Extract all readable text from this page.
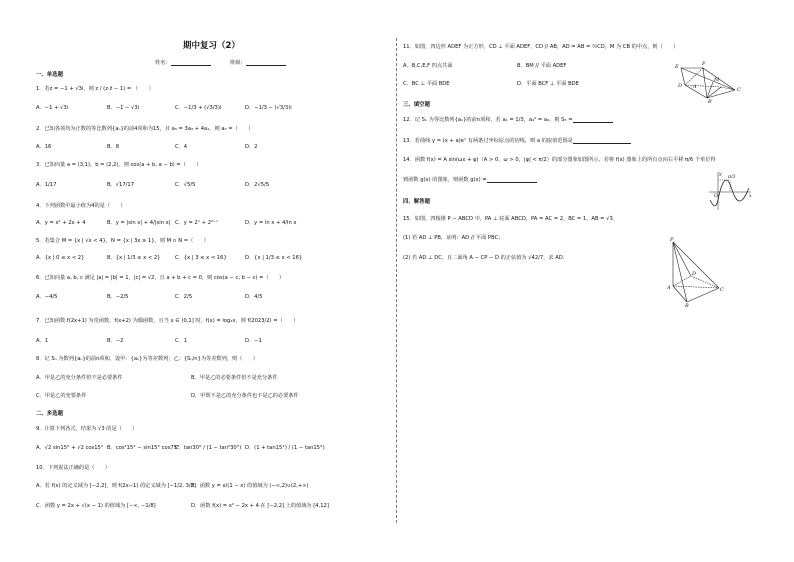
期中复习（2）
姓名：	班级：
一、单选题
1．若z = −1 + √3i，则 z / (z·z̄ − 1) = （　　）
A．−1 + √3i	B．−1 − √3i	C．−1/3 + (√3/3)i	D．−1/3 − (√3/3)i
2．已知各项均为正数的等比数列{aₙ}的前4项和为15，且 a₅ = 3a₃ + 4a₁，则 a₃ =（　　）
A．16	B．8	C．4	D．2
3．已知向量 a = (3,1)，b = (2,2)，则 cos⟨a + b, a − b⟩ =（　　）
A．1/17	B．√17/17	C．√5/5	D．2√5/5
4．下列函数中最小值为4的是（　　）
A．y = x² + 2x + 4	B．y = |sin x| + 4/|sin x| C．y = 2ˣ + 2²⁻ˣ	D．y = ln x + 4/ln x
5．若集合 M = {x | √x < 4}，N = {x | 3x ≥ 1}，则 M ∩ N =（　　）
A．{x | 0 ≤ x < 2}	B．{x | 1/3 ≤ x < 2}	C．{x | 3 ≤ x < 16}	D．{x | 1/3 ≤ x < 16}
6．已知向量 a, b, c 满足 |a| = |b| = 1，|c| = √2，且 a + b + c = 0，则 cos⟨a − c, b − c⟩ =（　　）
A．−4/5	B．−2/5	C．2/5	D．4/5
7．已知函数 f(2x+1) 为奇函数，f(x+2) 为偶函数，且当 x ∈ (0,1] 时，f(x) = log₂x，则 f(2023/2) =（　　）
A．1	B．−2	C．1	D．−1
8．记 Sₙ 为数列{aₙ}的前n项和，设甲：{aₙ}为等差数列；乙：{Sₙ/n}为等差数列，则（　　）
A．甲是乙的充分条件但不是必要条件	B．甲是乙的必要条件但不是充分条件
C．甲是乙的充要条件	D．甲既不是乙的充分条件也不是乙的必要条件
二、多选题
9．计算下列各式，结果为 √3 的是（　　）
A．√2 sin15° + √2 cos15° B．cos²15° − sin15° cos75°
C．tan30° / (1 − tan²30°) D．(1 + tan15°) / (1 − tan15°)
10．下列说法正确的是（　　）
A．若 f(x) 的定义域为 [−2,2]，则 f(2x−1) 的定义域为 [−1/2, 3/2]
B．函数 y = x/(1 − x) 的值域为 (−∞,2)∪(2,+∞)
C．函数 y = 2x + √(x − 1) 的值域为 [−∞, −1/8]	D．函数 f(x) = x² − 2x + 4 在 [−2,2] 上的值域为 [4,12]
11．如图，四边形 ADEF 为正方形，CD ⊥ 平面 ADEF，CD // AB，AD = AB = ½CD，M 为 CB 的中点，则（　　）
A．B,C,E,F 四点共面	B．BM // 平面 ADEF
C．BC ⊥ 平面 BDE	D．平面 BCF ⊥ 平面 BDE
E	F
M
D A
B
C
三、填空题
12．记 Sₙ 为等比数列{aₙ}的前n项和，若 a₁ = 1/3，a₄² = a₆，则 S₅ =
13．若曲线 y = (x + a)eˣ 有两条过坐标原点的切线，则 a 的取值范围是
14．函数 f(x) = A sin(ωx + φ)（A > 0，ω > 0，|φ| < π/2）的部分图象如图所示，若将 f(x) 图象上的所有点向右平移 π/6 个单位得
到函数 g(x) 的图象，则函数 g(x) =
y
O	x
π/3
四、解答题
15．如图，四棱锥 P − ABCD 中，PA ⊥ 底面 ABCD，PA = AC = 2，BC = 1，AB = √3．
(1) 若 AD ⊥ PB，证明：AD // 平面 PBC；
(2) 若 AD ⊥ DC，且二面角 A − CP − D 的正弦值为 √42/7，求 AD．
P
D
A
B
C
